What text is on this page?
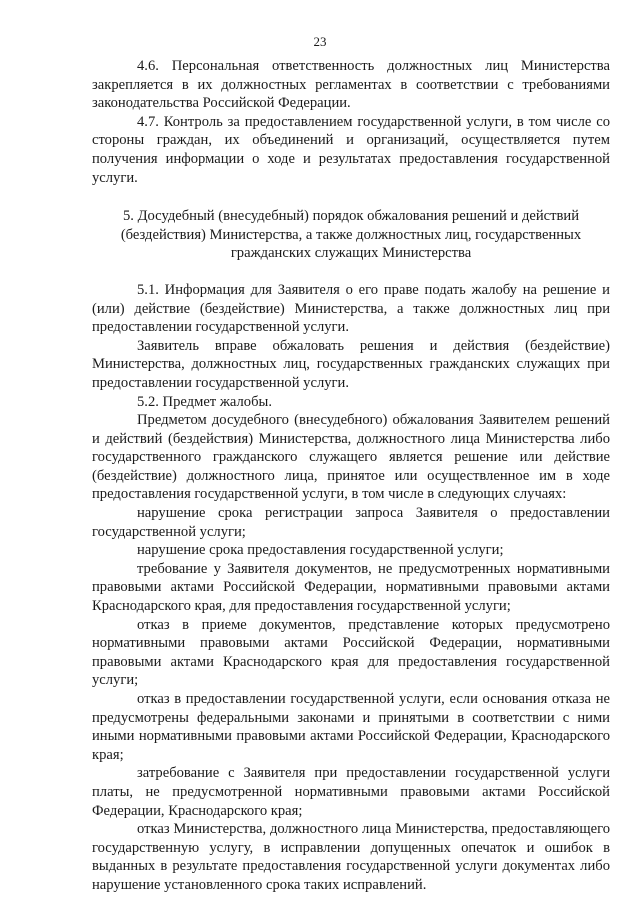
23

4.6. Персональная ответственность должностных лиц Министерства закрепляется в их должностных регламентах в соответствии с требованиями законодательства Российской Федерации.

4.7. Контроль за предоставлением государственной услуги, в том числе со стороны граждан, их объединений и организаций, осуществляется путем получения информации о ходе и результатах предоставления государственной услуги.

5. Досудебный (внесудебный) порядок обжалования решений и действий
(бездействия) Министерства, а также должностных лиц, государственных
гражданских служащих Министерства

5.1. Информация для Заявителя о его праве подать жалобу на решение и (или) действие (бездействие) Министерства, а также должностных лиц при предоставлении государственной услуги.

Заявитель вправе обжаловать решения и действия (бездействие) Министерства, должностных лиц, государственных гражданских служащих при предоставлении государственной услуги.

5.2. Предмет жалобы.

Предметом досудебного (внесудебного) обжалования Заявителем решений и действий (бездействия) Министерства, должностного лица Министерства либо государственного гражданского служащего является решение или действие (бездействие) должностного лица, принятое или осуществленное им в ходе предоставления государственной услуги, в том числе в следующих случаях:

нарушение срока регистрации запроса Заявителя о предоставлении государственной услуги;

нарушение срока предоставления государственной услуги;

требование у Заявителя документов, не предусмотренных нормативными правовыми актами Российской Федерации, нормативными правовыми актами Краснодарского края, для предоставления государственной услуги;

отказ в приеме документов, представление которых предусмотрено нормативными правовыми актами Российской Федерации, нормативными правовыми актами Краснодарского края для предоставления государственной услуги;

отказ в предоставлении государственной услуги, если основания отказа не предусмотрены федеральными законами и принятыми в соответствии с ними иными нормативными правовыми актами Российской Федерации, Краснодарского края;

затребование с Заявителя при предоставлении государственной услуги платы, не предусмотренной нормативными правовыми актами Российской Федерации, Краснодарского края;

отказ Министерства, должностного лица Министерства, предоставляющего государственную услугу, в исправлении допущенных опечаток и ошибок в выданных в результате предоставления государственной услуги документах либо нарушение установленного срока таких исправлений.
